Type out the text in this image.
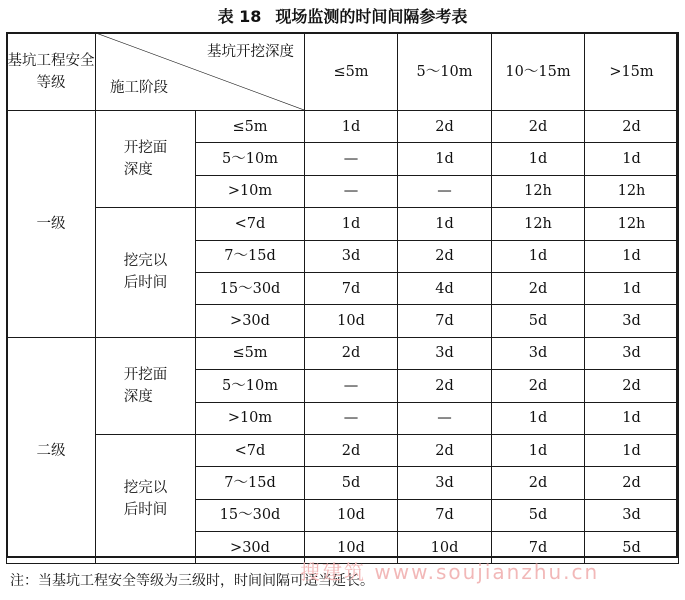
表 18 现场监测的时间间隔参考表
基坑工程安全等级	基坑开挖深度
施工阶段		≤5m	5～10m	10～15m	>15m
一级	开挖面深度	≤5m	1d	2d	2d	2d
		5～10m	—	1d	1d	1d
		>10m	—	—	12h	12h
	挖完以后时间	<7d	1d	1d	12h	12h
		7～15d	3d	2d	1d	1d
		15～30d	7d	4d	2d	1d
		>30d	10d	7d	5d	3d
二级	开挖面深度	≤5m	2d	3d	3d	3d
		5～10m	—	2d	2d	2d
		>10m	—	—	1d	1d
	挖完以后时间	<7d	2d	2d	1d	1d
		7～15d	5d	3d	2d	2d
		15～30d	10d	7d	5d	3d
		>30d	10d	10d	7d	5d
注：当基坑工程安全等级为三级时，时间间隔可适当延长。
搜建筑 www.soujianzhu.cn
